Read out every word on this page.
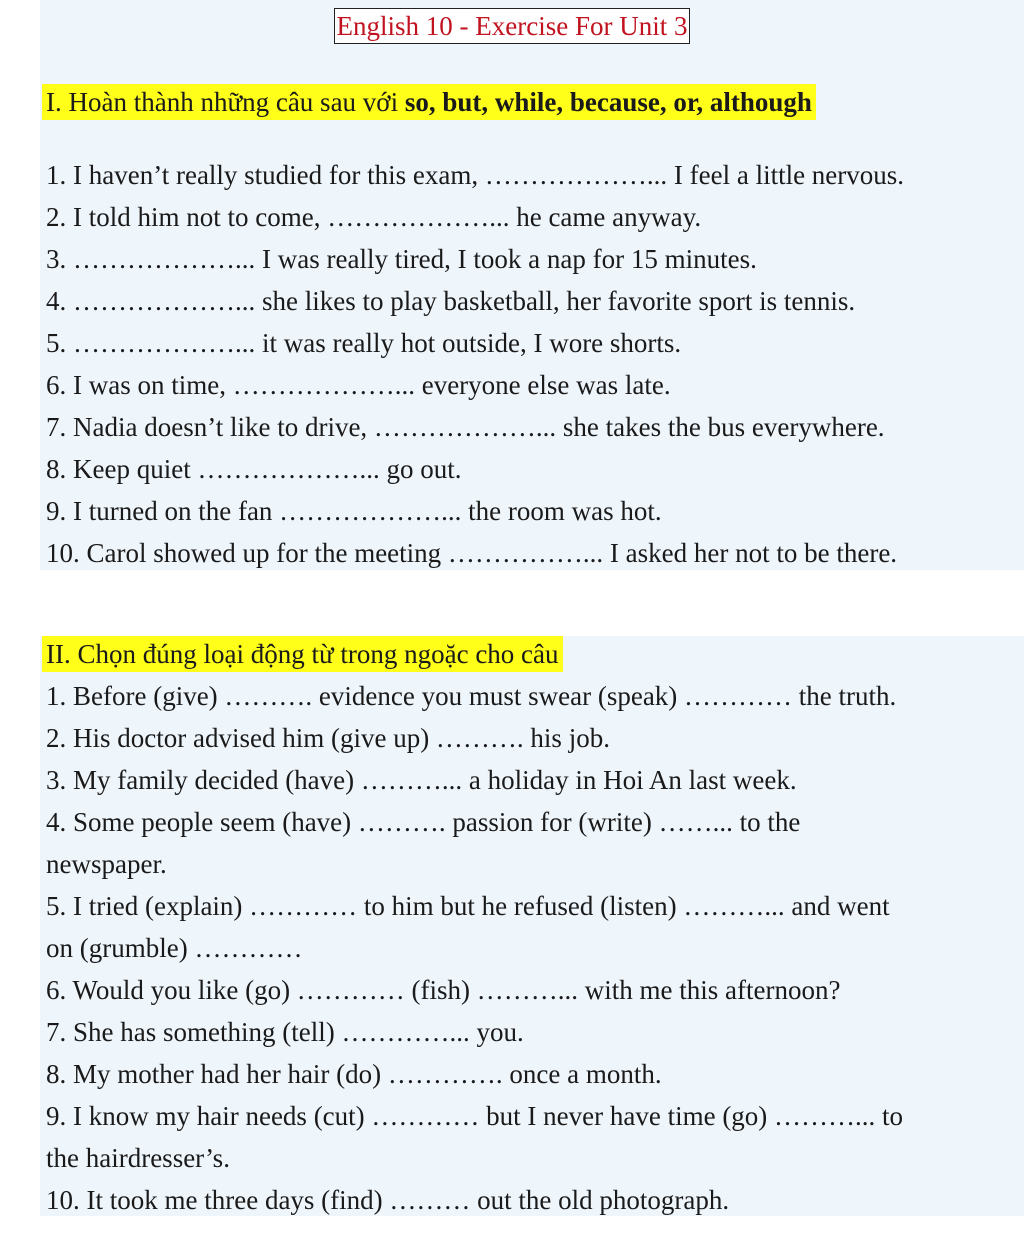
English 10 - Exercise For Unit 3
I. Hoàn thành những câu sau với so, but, while, because, or, although
1. I haven’t really studied for this exam, ………………... I feel a little nervous.
2. I told him not to come, ………………... he came anyway.
3. ………………... I was really tired, I took a nap for 15 minutes.
4. ………………... she likes to play basketball, her favorite sport is tennis.
5. ………………... it was really hot outside, I wore shorts.
6. I was on time, ………………... everyone else was late.
7. Nadia doesn’t like to drive, ………………... she takes the bus everywhere.
8. Keep quiet ………………... go out.
9. I turned on the fan ………………... the room was hot.
10. Carol showed up for the meeting ……………... I asked her not to be there.
II. Chọn đúng loại động từ trong ngoặc cho câu
1. Before (give) ………. evidence you must swear (speak) ………… the truth.
2. His doctor advised him (give up) ………. his job.
3. My family decided (have) ………... a holiday in Hoi An last week.
4. Some people seem (have) ………. passion for (write) ……... to the
newspaper.
5. I tried (explain) ………… to him but he refused (listen) ………... and went
on (grumble) …………
6. Would you like (go) ………… (fish) ………... with me this afternoon?
7. She has something (tell) …………... you.
8. My mother had her hair (do) …………. once a month.
9. I know my hair needs (cut) ………… but I never have time (go) ………... to
the hairdresser’s.
10. It took me three days (find) ……… out the old photograph.
